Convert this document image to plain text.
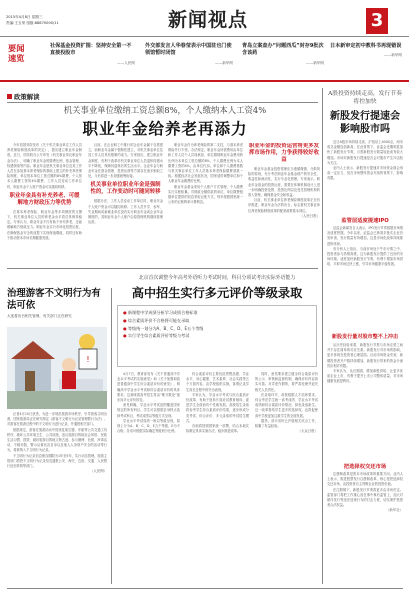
2015年4月8日 星期三
责编:王玉荣 组版:88870000/11	新闻视点	3
要闻速览
社保基金投资扩围：坚持安全第一不直接投股市
——人民网
外交部发言人华春莹表示中国驻也门使领馆暂时闭馆
——新华网
青岛立案查办“问题西瓜”封存9批次含该药
——新华网
日本新审定初中教科书再现错误
——新华网
政策解读
机关事业单位缴纳工资总额8%，个人缴纳本人工资4%
职业年金给养老再添力

今年初国务院发布《关于机关事业单位工作人员养老保险制度改革的决定》，提出建立职业年金制度。近日，国务院办公厅印发《机关事业单位职业年金办法》，明确了职业年金的缴费比例、基金管理、待遇领取等内容。职业年金是机关事业单位及其工作人员在参加基本养老保险的基础上建立的补充养老保险制度，单位按本单位工资总额的8%缴费，个人按本人缴费工资的4%缴费，工作人员变动工作单位时，职业年金个人账户资金可以随同转移。

职业年金具有补充养老、可缓
解地方财政压力等优势

在基本养老保险、职业年金等多项制度的支撑下，机关事业单位人员的养老金水平将总体保持稳定。专家认为，职业年金不仅有助于补充养老，还能缓解地方财政压力。职业年金实行市场化投资运营，在确保基金安全的前提下实现保值增值，同时还有助于推动资本市场长期健康发展。

目前，在企业职工中推行的企业年金属于自愿建立，而职业年金属于强制性建立，对机关事业单位及其工作人员具有强制约束力。专家指出，建立职业年金制度，有利于改革后机关事业单位人员退休待遇水平不降低，保障其退休后的生活水平。企业年金与职业年金在基金管理、投资运营等方面存在诸多相似之处，今后将进一步加强统筹衔接。

机关事业单位职业年金是强制性的，工作变动时可随同转移

根据办法，工作人员变动工作单位时，职业年金个人账户资金可以随同转移。工作人员升学、参军、失业期间或新就业单位没有实行职业年金或企业年金制度的，其职业年金个人账户由原管理机构继续管理运营。

职业年金作为养老保险的第二支柱，与基本养老保险并行不悖。办法规定，职业年金所需费用由单位和工作人员个人共同承担，单位缴纳职业年金费用的比例为本单位工资总额的8%，个人缴费比例为本人缴费工资的4%，由单位代扣。单位和个人缴费基数与机关事业单位工作人员基本养老保险缴费基数一致。根据经济社会发展状况，国家适时调整单位和个人职业年金缴费的比例。

职业年金基金采用个人账户方式管理，个人缴费实行实账积累。对财政全额供款的单位，单位缴费根据单位提供的信息采取记账方式，每年按照国家统一公布的记账利率计算利息。

职业年金的投资运营将更多发挥市场作用，力争获得较好收益

职业年金基金投资管理应当遵循谨慎、分散风险的原则，充分考虑职业年金基金财产的安全性、收益性和流动性，实行专业化管理。专家表示，职业年金基金的投资运营，需要在体制机制设计上进一步明确投资范围、投资比例以及受托管理机构的准入资格，确保基金安全和收益。

目前，机关事业单位养老保险制度改革正在有序推进，职业年金办法的出台，标志着机关事业单位养老保险制度改革的配套政策基本到位。

（人民日报）
治理游客不文明行为有法可依
大连将出台相关管理，有关部门正在研究
!

记者4月10日获悉，为进一步规范旅游市场秩序，引导游客文明出游，国家旅游局正在研究制定《游客不文明行为记录管理暂行办法》，对游客在旅游过程中的不文明行为进行记录，并通报相关部门。

根据规定，游客在旅游活动中因扰乱航空器、车船等公共交通工具秩序，破坏公共环境卫生、公共设施，违反旅游目的地社会风俗、民族生活习惯，损毁、破坏旅游目的地文物古迹，参与赌博、色情、涉毒活动，不顾劝阻、警示从事危及自身以及他人人身财产安全的活动等行为，将被纳入不文明行为记录。

不文明行为记录信息保存期限为1年至5年，实行动态管理。旅游主管部门将把不文明行为记录信息通报公安、海关、边检、交通、人民银行征信机构等部门。

（人民网）
北京首次调整今年高考外语听力考试时间，科目分项试考出实际外语能力
高中招生实行多元评价等级录取
● 新课程中学成绩分析学习成绩合格标准
● 综合素质评价不合格将可能在录取
● 等级统一划分为A、B、C、D、E五个等级
● 实行学生综合素质评价等级与考试

4月7日，教育部发布《关于普通高中学业水平考试的实施意见》和《关于加强和改进普通高中学生综合素质评价的意见》，明确高中学业水平考试和综合素质评价的具体要求。这意味着高考招生将由“唯分数论”逐步向多元评价转变。

意见明确，学业水平考试范围覆盖国家规定的所有科目，学生可以根据自身特点选择考试科目，考试成绩以等级方式呈现。

学业水平考试成绩一般以等级呈现，原则上分为A、B、C、D、E五个等级，E为不合格。各省可根据实际确定等级划分比例。

综合素质评价主要包括思想品德、学业水平、身心健康、艺术素养、社会实践等五个方面内容，由学校组织实施，客观记录学生成长过程中的突出表现。

专家认为，学业水平考试与综合素质评价改革，有助于扭转片面应试教育倾向，促进学生全面而有个性地发展。高校招生录取将参考学生综合素质评价结果，逐步形成分类考试、综合评价、多元录取的考试招生模式。

各地将按照国家统一部署，结合本地实际制定具体实施办法，稳步推进改革。

同时，意见要求建立健全综合素质评价的公示、审核和监督机制，确保评价内容真实可靠。对弄虚作假的，要严肃处理并追究相关人员责任。

在录取环节，高校根据人才培养要求，综合考虑学生统一高考成绩、学业水平考试成绩和综合素质评价情况，择优录取新生。这一改革将给学生更多的选择权，也将促使高中学校更加注重学生的全面发展。

据悉，部分省份已开展相关试点工作，积累了有益经验。

（大众日报）
A股投资持续走高，发行节奏将控加快
新股发行提速会影响股市吗

近日A股市场持续走高，沪指站上4000点，两市成交金额连创新高。在此背景下，证监会近期明显加快了新股发行节奏，月度新股发行数量较此前有较大增加。市场对新股发行提速是否会对股市产生冲击较为关注。

业内人士表示，新股发行提速对市场资金面会形成一定压力，但在市场整体资金充裕的背景下，影响有限。

监管层适度提速IPO

证监会新闻发言人表示，IPO发行节奏根据市场情况适度把握。今年以来，证监会已核准多批次企业首发申请，发行数量有所增加，这是市场化改革持续推进的体现。

有分析人士指出，当前市场处于牛市行情之中，投资者参与热情高涨，这为新股发行提供了良好的市场环境。适度加快新股发行节奏，有利于增加市场供给，平抑市场过快上涨，引导市场健康平稳发展。

新股发行量对股市整不上冲击

从历史经验来看，新股发行节奏与市场走势之间并不存在简单的对应关系。新股发行对市场的影响，更多体现在投资者心理层面。目前市场资金充裕，新增投资者开户数持续增加，新股发行带来的资金分流效应相对有限。

专家认为，从长期看，增加新股供给，让更多优质企业上市，有利于提升上市公司整体质量，对市场健康发展是利好。

把选择权交还市场

注册制改革是资本市场改革的重要方向。业内人士表示，推进股票发行注册制改革，核心是把选择权交还市场，由投资者自主判断企业的投资价值。

在注册制下，新股发行节奏将更多由市场决定。监管部门将把工作重心放在事中事后监管上，加大对欺诈发行等违法违规行为的打击力度，切实保护投资者合法权益。

（新华社）
